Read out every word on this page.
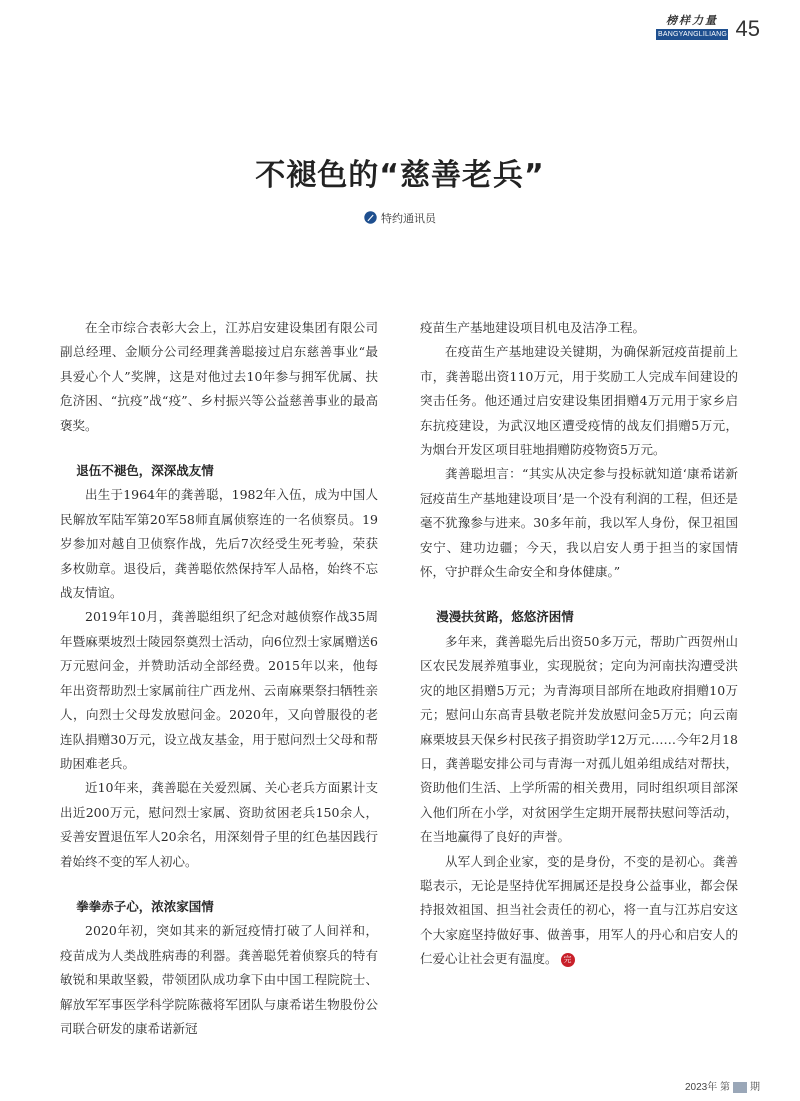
榜样力量
BANGYANGLILIANG 45
不褪色的“慈善老兵”
特约通讯员

在全市综合表彰大会上，江苏启安建设集团有限公司副总经理、金顺分公司经理龚善聪接过启东慈善事业“最具爱心个人”奖牌，这是对他过去10年参与拥军优属、扶危济困、“抗疫”战“疫”、乡村振兴等公益慈善事业的最高褒奖。

退伍不褪色，深深战友情

出生于1964年的龚善聪，1982年入伍，成为中国人民解放军陆军第20军58师直属侦察连的一名侦察员。19岁参加对越自卫侦察作战，先后7次经受生死考验，荣获多枚勋章。退役后，龚善聪依然保持军人品格，始终不忘战友情谊。

2019年10月，龚善聪组织了纪念对越侦察作战35周年暨麻栗坡烈士陵园祭奠烈士活动，向6位烈士家属赠送6万元慰问金，并赞助活动全部经费。2015年以来，他每年出资帮助烈士家属前往广西龙州、云南麻栗祭扫牺牲亲人，向烈士父母发放慰问金。2020年，又向曾服役的老连队捐赠30万元，设立战友基金，用于慰问烈士父母和帮助困难老兵。

近10年来，龚善聪在关爱烈属、关心老兵方面累计支出近200万元，慰问烈士家属、资助贫困老兵150余人，妥善安置退伍军人20余名，用深刻骨子里的红色基因践行着始终不变的军人初心。

拳拳赤子心，浓浓家国情

2020年初，突如其来的新冠疫情打破了人间祥和，疫苗成为人类战胜病毒的利器。龚善聪凭着侦察兵的特有敏锐和果敢坚毅，带领团队成功拿下由中国工程院院士、解放军军事医学科学院陈薇将军团队与康希诺生物股份公司联合研发的康希诺新冠

疫苗生产基地建设项目机电及洁净工程。

在疫苗生产基地建设关键期，为确保新冠疫苗提前上市，龚善聪出资110万元，用于奖励工人完成车间建设的突击任务。他还通过启安建设集团捐赠4万元用于家乡启东抗疫建设，为武汉地区遭受疫情的战友们捐赠5万元，为烟台开发区项目驻地捐赠防疫物资5万元。

龚善聪坦言：“其实从决定参与投标就知道‘康希诺新冠疫苗生产基地建设项目’是一个没有利润的工程，但还是毫不犹豫参与进来。30多年前，我以军人身份，保卫祖国安宁、建功边疆；今天，我以启安人勇于担当的家国情怀，守护群众生命安全和身体健康。”

漫漫扶贫路，悠悠济困情

多年来，龚善聪先后出资50多万元，帮助广西贺州山区农民发展养殖事业，实现脱贫；定向为河南扶沟遭受洪灾的地区捐赠5万元；为青海项目部所在地政府捐赠10万元；慰问山东高青县敬老院并发放慰问金5万元；向云南麻栗坡县天保乡村民孩子捐资助学12万元……今年2月18日，龚善聪安排公司与青海一对孤儿姐弟组成结对帮扶，资助他们生活、上学所需的相关费用，同时组织项目部深入他们所在小学，对贫困学生定期开展帮扶慰问等活动，在当地赢得了良好的声誉。

从军人到企业家，变的是身份，不变的是初心。龚善聪表示，无论是坚持优军拥属还是投身公益事业，都会保持报效祖国、担当社会责任的初心，将一直与江苏启安这个大家庭坚持做好事、做善事，用军人的丹心和启安人的仁爱心让社会更有温度。 完

2023年 第 期
